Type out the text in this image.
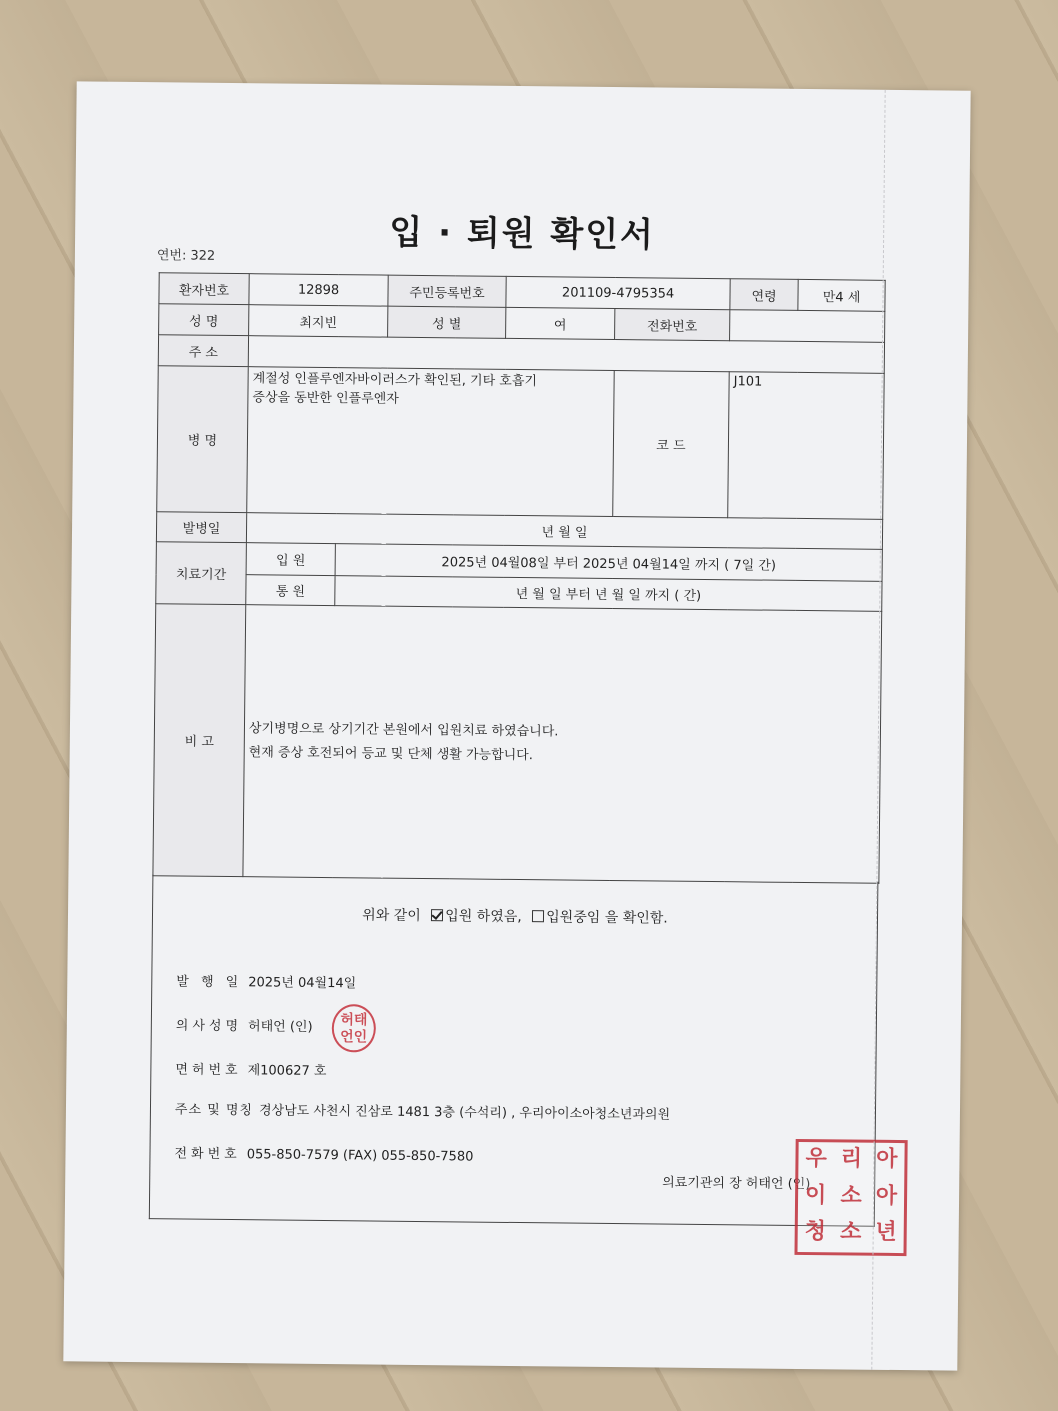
입 · 퇴원 확인서
연번: 322
환자번호	12898		주민등록번호	201109-4795354		연령	만4 세
성 명	최지빈		성 별	여	전화번호		
주 소							
병 명	계절성 인플루엔자바이러스가 확인된, 기타 호흡기
증상을 동반한 인플루엔자				코 드	J101	
발병일	년 월 일						
치료기간	입 원	2025년 04월08일 부터 2025년 04월14일 까지 ( 7일 간)					
	통 원	년 월 일 부터 년 월 일 까지 ( 간)					
비 고	상기병명으로 상기기간 본원에서 입원치료 하였습니다.
현재 증상 호전되어 등교 및 단체 생활 가능합니다.						
위와 같이 입원 하였음, 입원중임 을 확인함.
발 행 일 2025년 04월14일
의사성명 허태언 (인)
면허번호 제100627 호
주소 및 명칭 경상남도 사천시 진삼로 1481 3층 (수석리) , 우리아이소아청소년과의원
전화번호 055-850-7579 (FAX) 055-850-7580
의료기관의 장 허태언 (인)
허태
언인
우 리 아
이 소 아
청 소 년
